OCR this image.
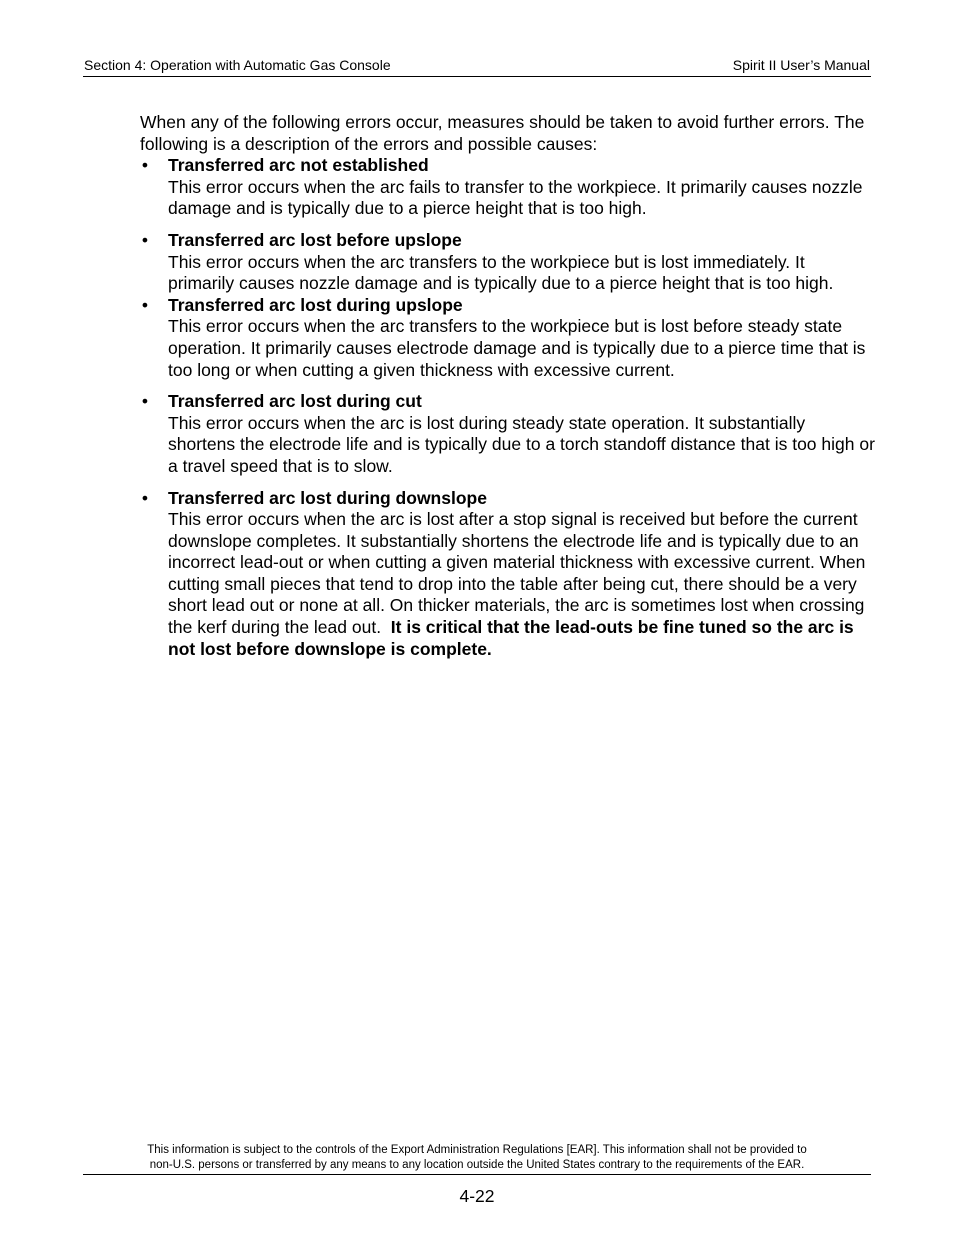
Section 4: Operation with Automatic Gas Console	Spirit II User’s Manual

When any of the following errors occur, measures should be taken to avoid further errors. The following is a description of the errors and possible causes:

• Transferred arc not established
This error occurs when the arc fails to transfer to the workpiece. It primarily causes nozzle damage and is typically due to a pierce height that is too high.
• Transferred arc lost before upslope
This error occurs when the arc transfers to the workpiece but is lost immediately. It primarily causes nozzle damage and is typically due to a pierce height that is too high.
• Transferred arc lost during upslope
This error occurs when the arc transfers to the workpiece but is lost before steady state operation. It primarily causes electrode damage and is typically due to a pierce time that is too long or when cutting a given thickness with excessive current.
• Transferred arc lost during cut
This error occurs when the arc is lost during steady state operation. It substantially shortens the electrode life and is typically due to a torch standoff distance that is too high or a travel speed that is to slow.
• Transferred arc lost during downslope
This error occurs when the arc is lost after a stop signal is received but before the current downslope completes. It substantially shortens the electrode life and is typically due to an incorrect lead-out or when cutting a given material thickness with excessive current. When cutting small pieces that tend to drop into the table after being cut, there should be a very short lead out or none at all. On thicker materials, the arc is sometimes lost when crossing the kerf during the lead out. It is critical that the lead-outs be fine tuned so the arc is not lost before downslope is complete.
This information is subject to the controls of the Export Administration Regulations [EAR]. This information shall not be provided to
non-U.S. persons or transferred by any means to any location outside the United States contrary to the requirements of the EAR.
4-22
